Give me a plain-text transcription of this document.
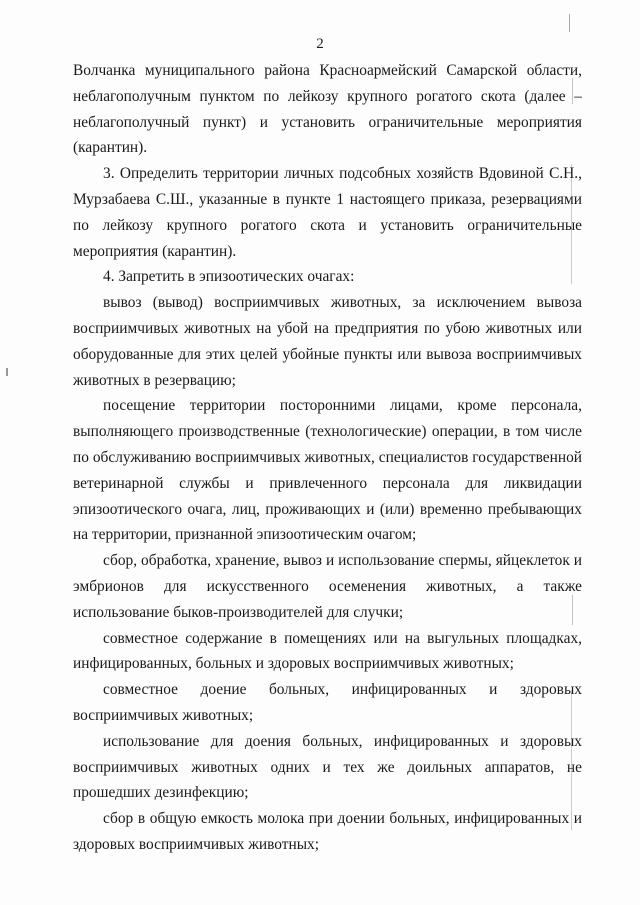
2

Волчанка муниципального района Красноармейский Самарской области, неблагополучным пунктом по лейкозу крупного рогатого скота (далее – неблагополучный пункт) и установить ограничительные мероприятия (карантин).

3. Определить территории личных подсобных хозяйств Вдовиной С.Н., Мурзабаева С.Ш., указанные в пункте 1 настоящего приказа, резервациями по лейкозу крупного рогатого скота и установить ограничительные мероприятия (карантин).

4. Запретить в эпизоотических очагах:

вывоз (вывод) восприимчивых животных, за исключением вывоза восприимчивых животных на убой на предприятия по убою животных или оборудованные для этих целей убойные пункты или вывоза восприимчивых животных в резервацию;

посещение территории посторонними лицами, кроме персонала, выполняющего производственные (технологические) операции, в том числе по обслуживанию восприимчивых животных, специалистов государственной ветеринарной службы и привлеченного персонала для ликвидации эпизоотического очага, лиц, проживающих и (или) временно пребывающих на территории, признанной эпизоотическим очагом;

сбор, обработка, хранение, вывоз и использование спермы, яйцеклеток и эмбрионов для искусственного осеменения животных, а также использование быков-производителей для случки;

совместное содержание в помещениях или на выгульных площадках, инфицированных, больных и здоровых восприимчивых животных;

совместное доение больных, инфицированных и здоровых восприимчивых животных;

использование для доения больных, инфицированных и здоровых восприимчивых животных одних и тех же доильных аппаратов, не прошедших дезинфекцию;

сбор в общую емкость молока при доении больных, инфицированных и здоровых восприимчивых животных;
